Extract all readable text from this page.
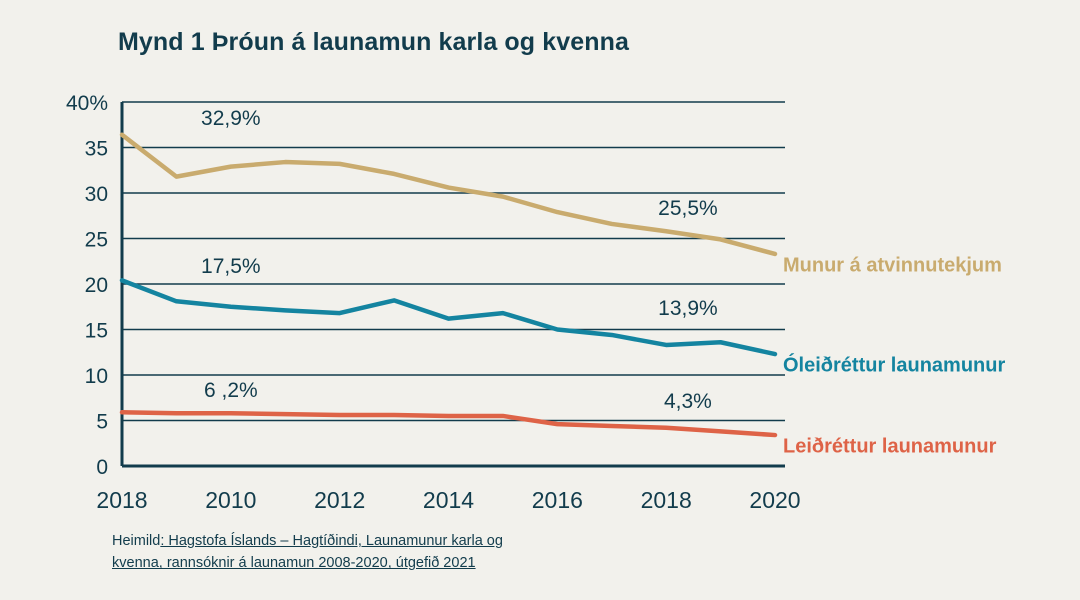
Mynd 1 Þróun á launamun karla og kvenna
0
5
10
15
20
25
30
35
40%
2018	2010	2012	2014	2016	2018	2020
Munur á atvinnutekjum
Óleiðréttur launamunur
Leiðréttur launamunur
32,9%
25,5%
17,5%
13,9%
6 ,2%	4,3%
Heimild: Hagstofa Íslands – Hagtíðindi, Launamunur karla og
kvenna, rannsóknir á launamun 2008-2020, útgefið 2021
